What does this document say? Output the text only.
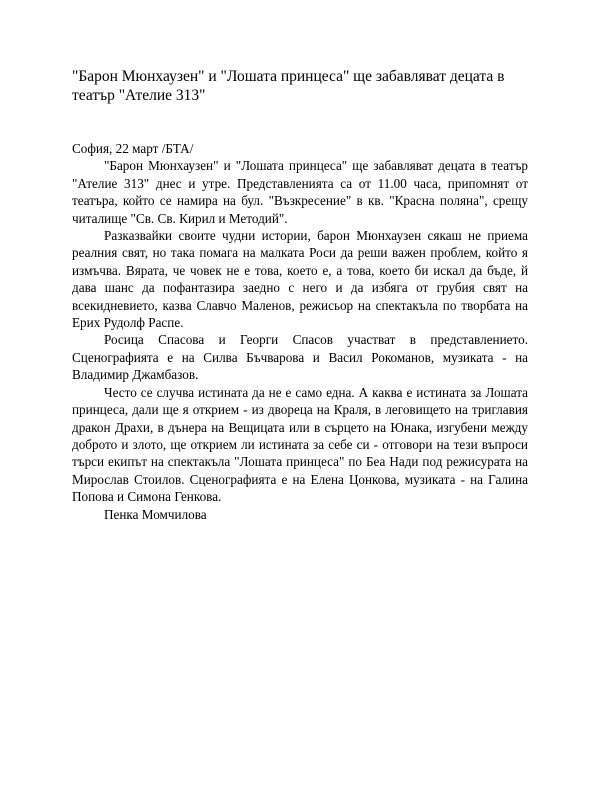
"Барон Мюнхаузен" и "Лошата принцеса" ще забавляват децата в театър "Ателие 313"

София, 22 март /БТА/

"Барон Мюнхаузен" и "Лошата принцеса" ще забавляват децата в театър "Ателие 313" днес и утре. Представленията са от 11.00 часа, припомнят от театъра, който се намира на бул. "Възкресение" в кв. "Красна поляна", срещу читалище "Св. Св. Кирил и Методий".

Разказвайки своите чудни истории, барон Мюнхаузен сякаш не приема реалния свят, но така помага на малката Роси да реши важен проблем, който я измъчва. Вярата, че човек не е това, което е, а това, което би искал да бъде, й дава шанс да пофантазира заедно с него и да избяга от грубия свят на всекидневието, казва Славчо Маленов, режисьор на спектакъла по творбата на Ерих Рудолф Распе.

Росица Спасова и Георги Спасов участват в представлението. Сценографията е на Силва Бъчварова и Васил Рокоманов, музиката - на Владимир Джамбазов.

Често се случва истината да не е само една. А каква е истината за Лошата принцеса, дали ще я открием - из двореца на Краля, в леговището на триглавия дракон Драхи, в дънера на Вещицата или в сърцето на Юнака, изгубени между доброто и злото, ще открием ли истината за себе си - отговори на тези въпроси търси екипът на спектакъла "Лошата принцеса" по Беа Нади под режисурата на Мирослав Стоилов. Сценографията е на Елена Цонкова, музиката - на Галина Попова и Симона Генкова.

Пенка Момчилова
